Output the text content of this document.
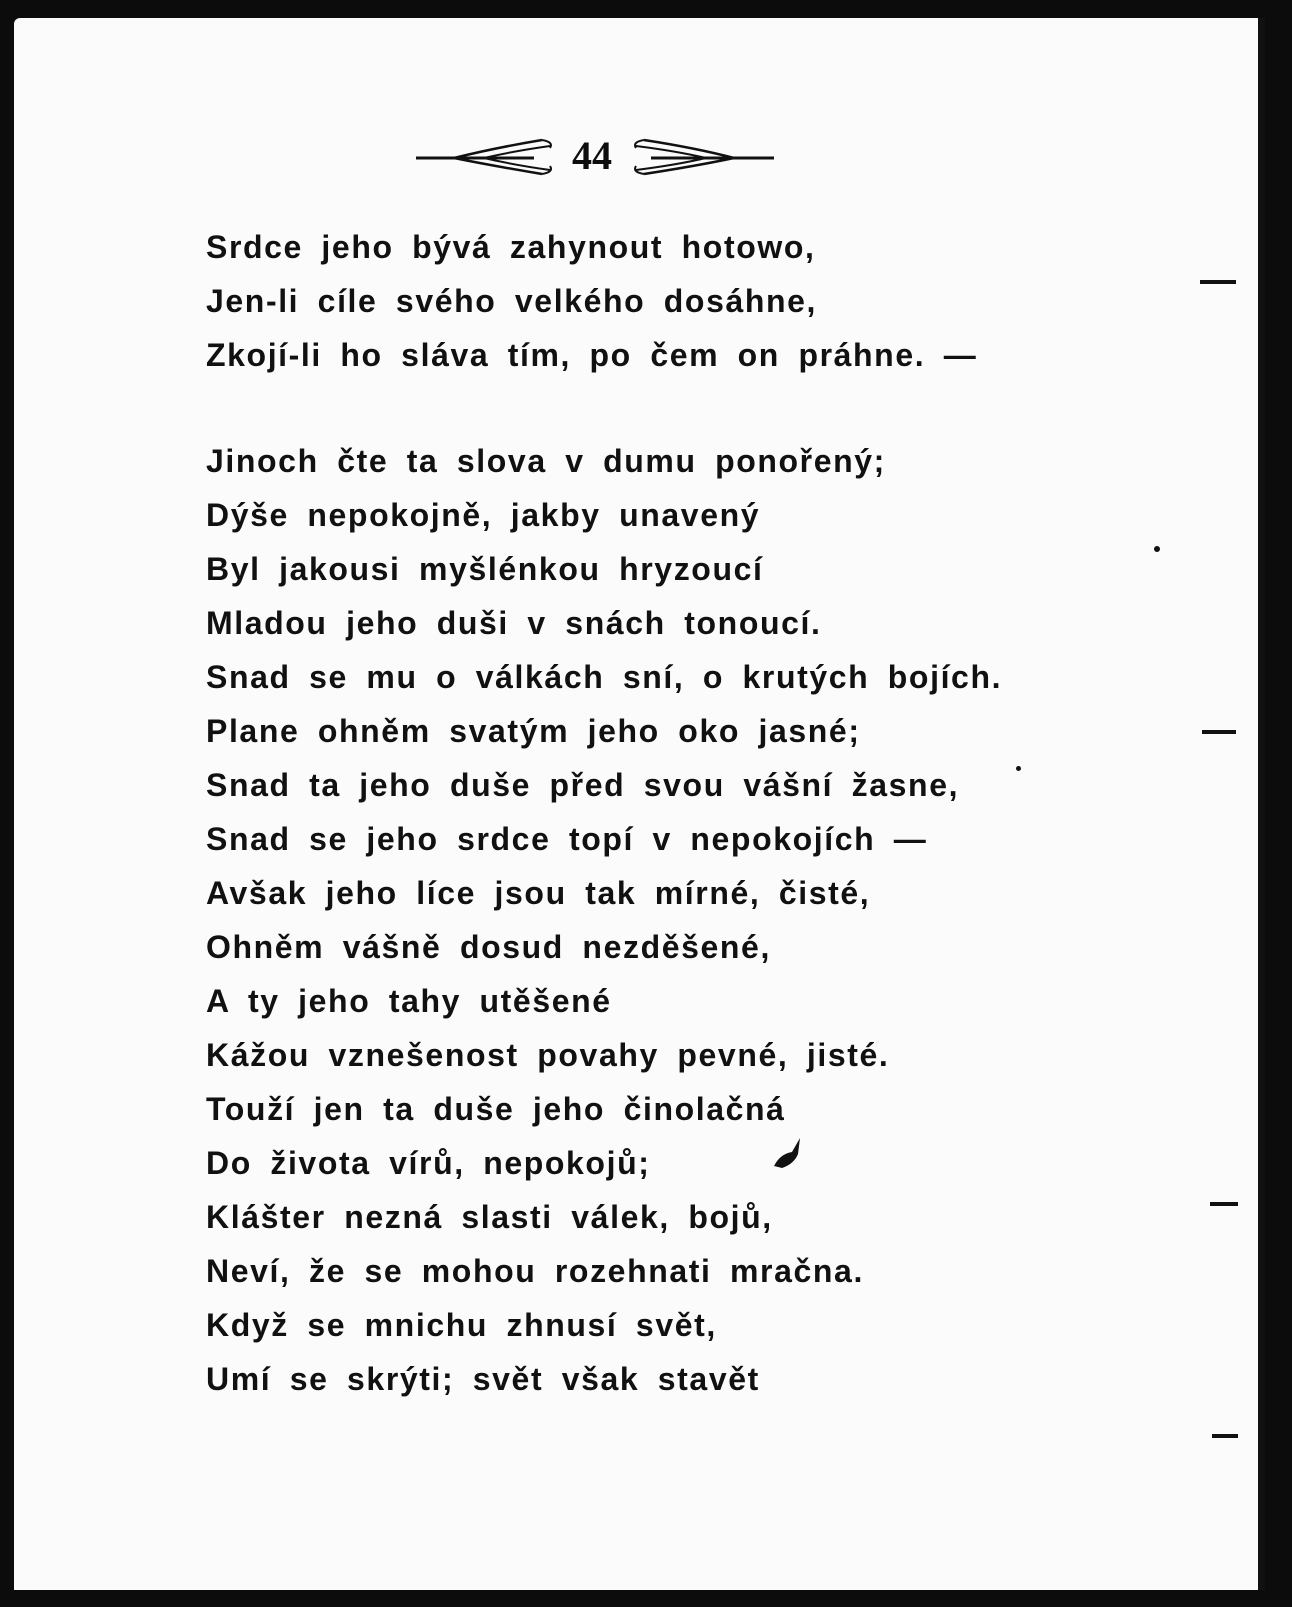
44
Srdce jeho bývá zahynout hotowo,
Jen-li cíle svého velkého dosáhne,
Zkojí-li ho sláva tím, po čem on práhne. —
Jinoch čte ta slova v dumu ponořený;
Dýše nepokojně, jakby unavený
Byl jakousi myšlénkou hryzoucí
Mladou jeho duši v snách tonoucí.
Snad se mu o válkách sní, o krutých bojích.
Plane ohněm svatým jeho oko jasné;
Snad ta jeho duše před svou vášní žasne,
Snad se jeho srdce topí v nepokojích —
Avšak jeho líce jsou tak mírné, čisté,
Ohněm vášně dosud nezděšené,
A ty jeho tahy utěšené
Kážou vznešenost povahy pevné, jisté.
Touží jen ta duše jeho činolačná
Do života vírů, nepokojů;
Klášter nezná slasti válek, bojů,
Neví, že se mohou rozehnati mračna.
Když se mnichu zhnusí svět,
Umí se skrýti; svět však stavět
